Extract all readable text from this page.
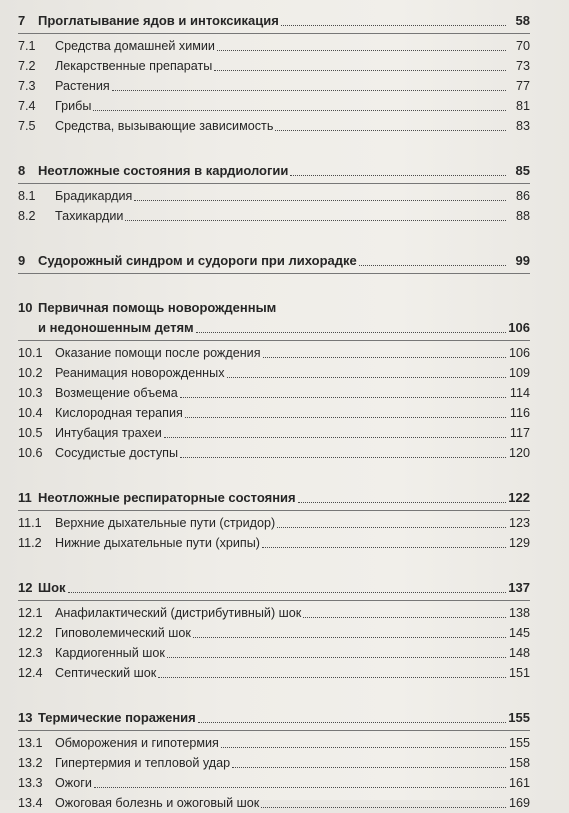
7 Проглатывание ядов и интоксикация	58
7.1	Средства домашней химии	70
7.2	Лекарственные препараты	73
7.3	Растения	77
7.4	Грибы	81
7.5	Средства, вызывающие зависимость	83
8 Неотложные состояния в кардиологии	85
8.1	Брадикардия	86
8.2	Тахикардии	88
9 Судорожный синдром и судороги при лихорадке	99
10 Первичная помощь новорожденным
и недоношенным детям	106
10.1 Оказание помощи после рождения	106
10.2 Реанимация новорожденных	109
10.3 Возмещение объема	114
10.4 Кислородная терапия	116
10.5 Интубация трахеи	117
10.6 Сосудистые доступы	120
11 Неотложные респираторные состояния	122
11.1	Верхние дыхательные пути (стридор)	123
11.2	Нижние дыхательные пути (хрипы)	129
12 Шок	137
12.1 Анафилактический (дистрибутивный) шок	138
12.2 Гиповолемический шок	145
12.3 Кардиогенный шок	148
12.4 Септический шок	151
13 Термические поражения	155
13.1 Обморожения и гипотермия	155
13.2 Гипертермия и тепловой удар	158
13.3 Ожоги	161
13.4 Ожоговая болезнь и ожоговый шок	169
